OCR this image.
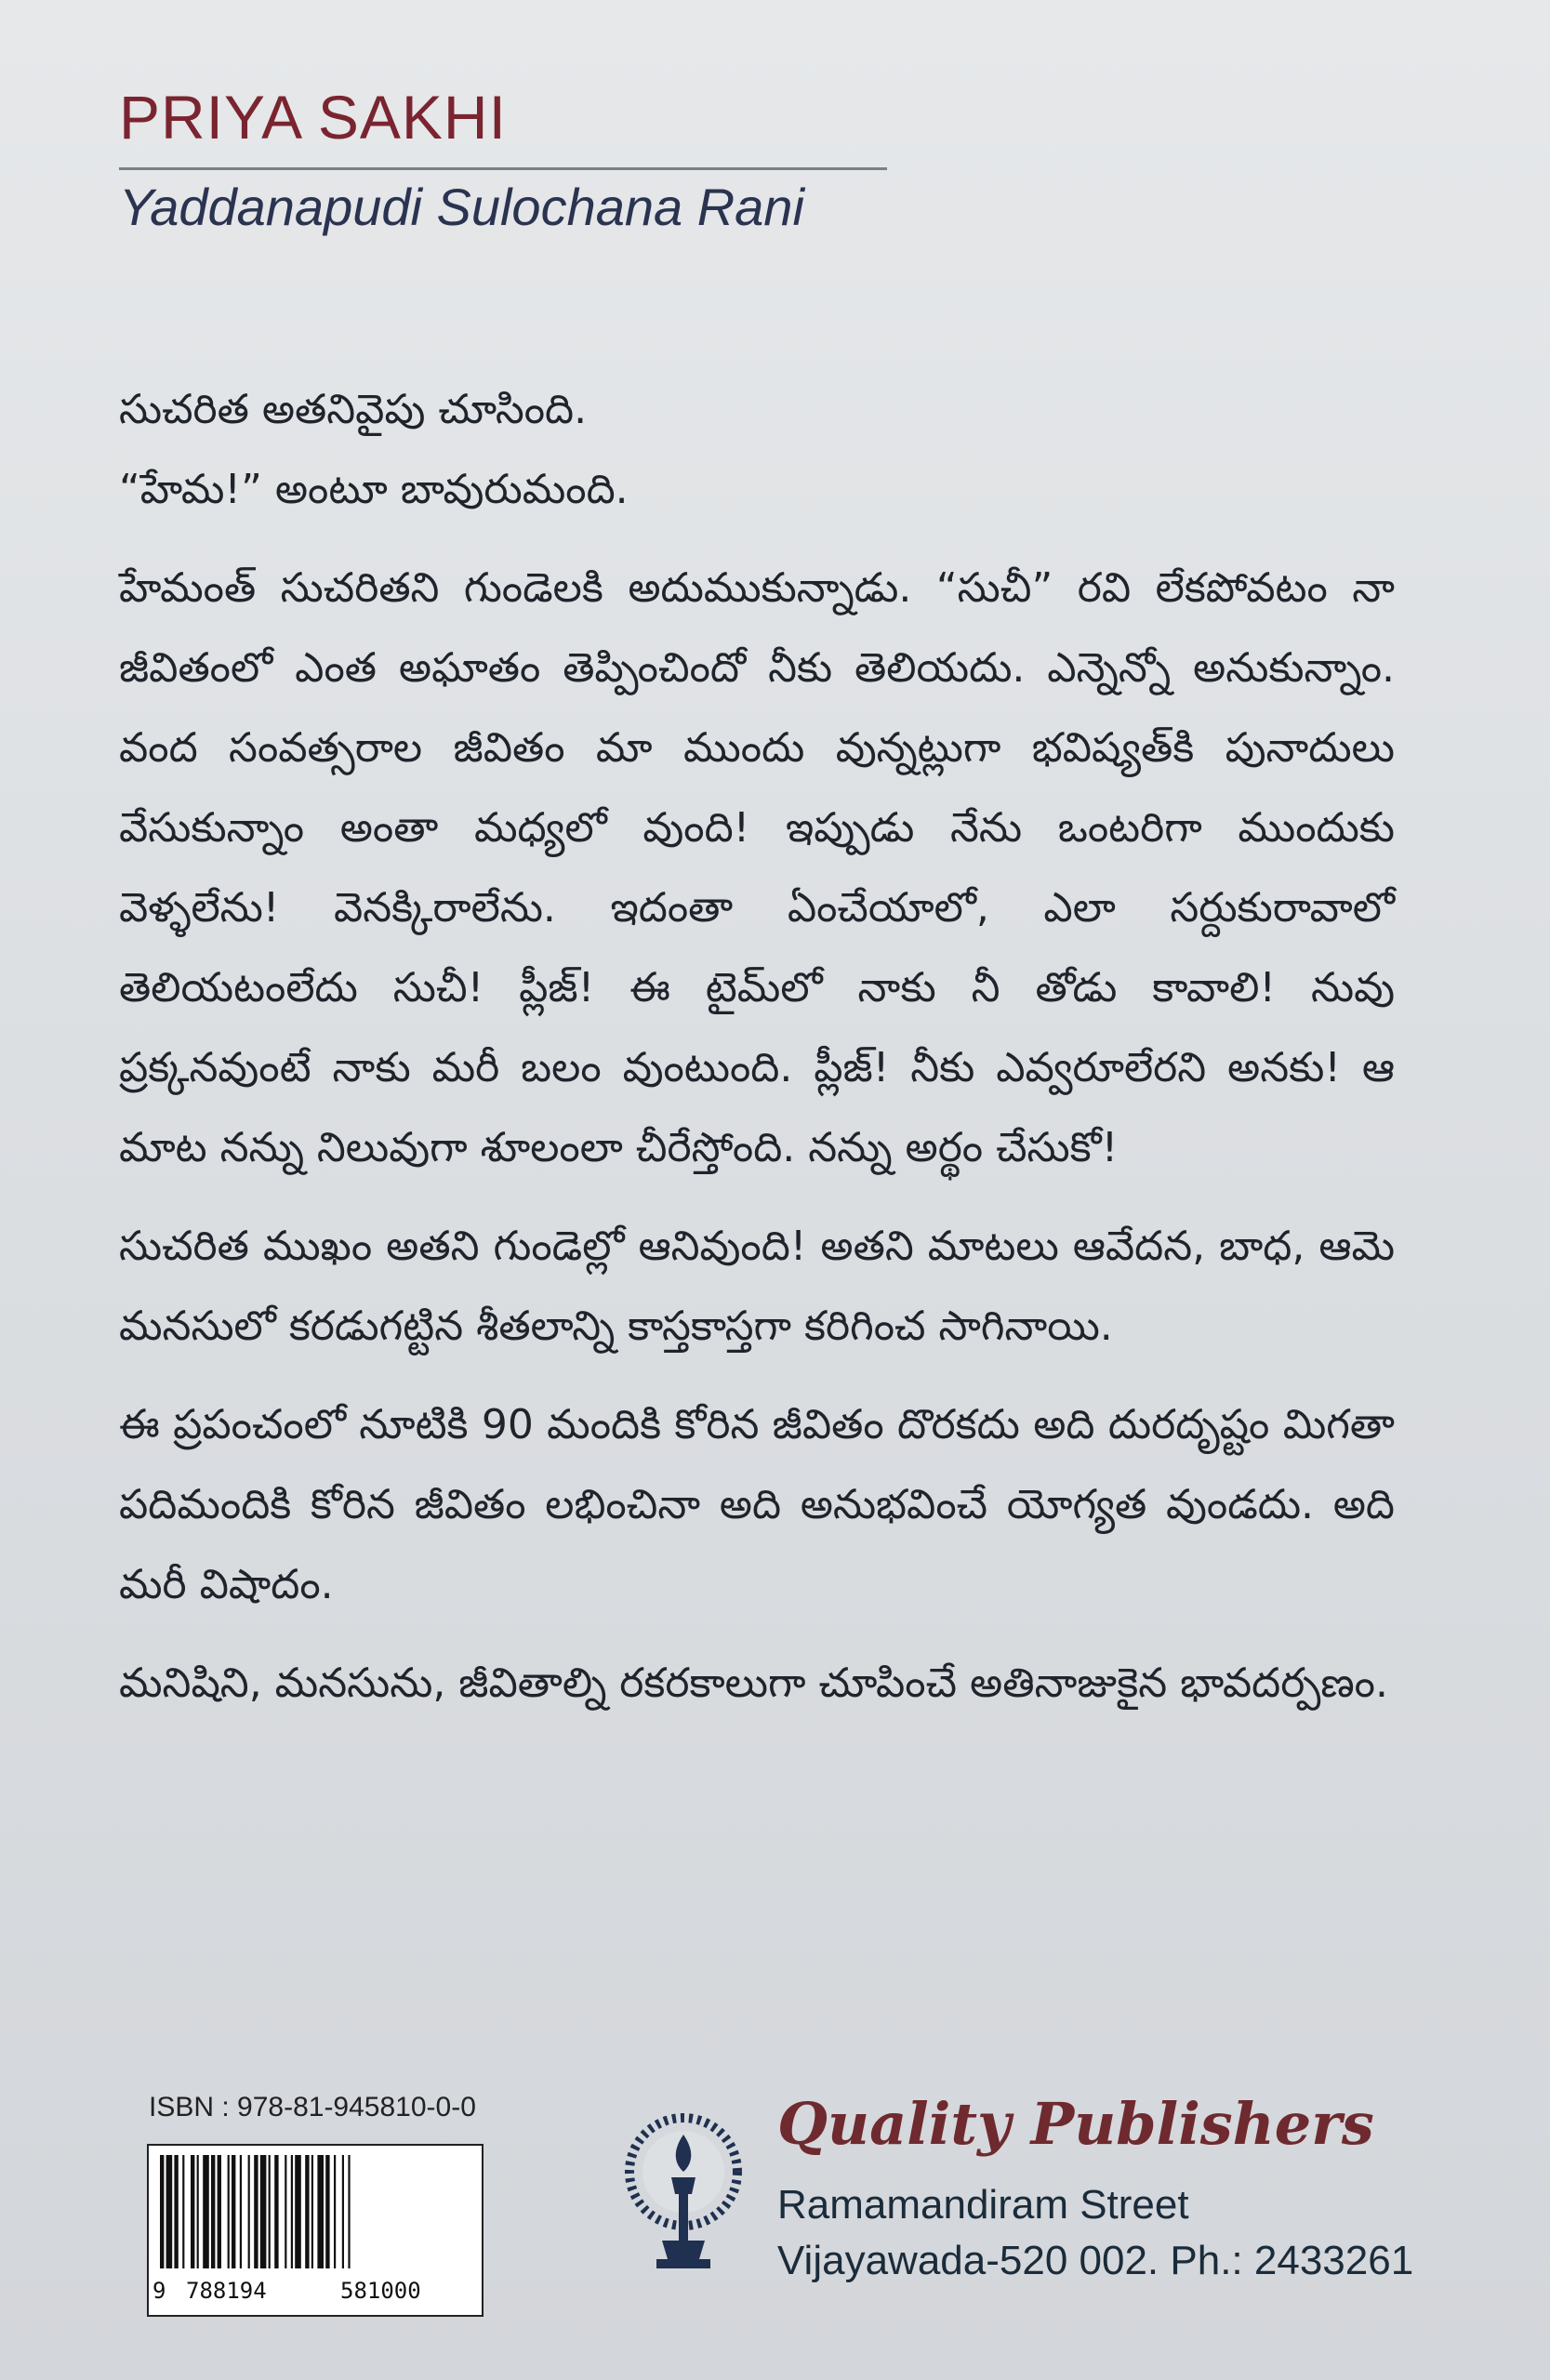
PRIYA SAKHI
Yaddanapudi Sulochana Rani

సుచరిత అతనివైపు చూసింది.

“హేమ!” అంటూ బావురుమంది.

హేమంత్ సుచరితని గుండెలకి అదుముకున్నాడు. “సుచీ” రవి లేకపోవటం నా జీవితంలో ఎంత అఘాతం తెప్పించిందో నీకు తెలియదు. ఎన్నెన్నో అనుకున్నాం. వంద సంవత్సరాల జీవితం మా ముందు వున్నట్లుగా భవిష్యత్‌కి పునాదులు వేసుకున్నాం అంతా మధ్యలో వుంది! ఇప్పుడు నేను ఒంటరిగా ముందుకు వెళ్ళలేను! వెనక్కిరాలేను. ఇదంతా ఏంచేయాలో, ఎలా సర్దుకురావాలో తెలియటంలేదు సుచీ! ప్లీజ్! ఈ టైమ్‌లో నాకు నీ తోడు కావాలి! నువు ప్రక్కనవుంటే నాకు మరీ బలం వుంటుంది. ప్లీజ్! నీకు ఎవ్వరూలేరని అనకు! ఆ మాట నన్ను నిలువుగా శూలంలా చీరేస్తోంది. నన్ను అర్థం చేసుకో!

సుచరిత ముఖం అతని గుండెల్లో ఆనివుంది! అతని మాటలు ఆవేదన, బాధ, ఆమె మనసులో కరడుగట్టిన శీతలాన్ని కాస్తకాస్తగా కరిగించ సాగినాయి.

ఈ ప్రపంచంలో నూటికి 90 మందికి కోరిన జీవితం దొరకదు అది దురదృష్టం మిగతా పదిమందికి కోరిన జీవితం లభించినా అది అనుభవించే యోగ్యత వుండదు. అది మరీ విషాదం.

మనిషిని, మనసును, జీవితాల్ని రకరకాలుగా చూపించే అతినాజుకైన భావదర్పణం.

ISBN : 978-81-945810-0-0
9 788194	581000
Quality Publishers
Ramamandiram Street
Vijayawada-520 002. Ph.: 2433261
